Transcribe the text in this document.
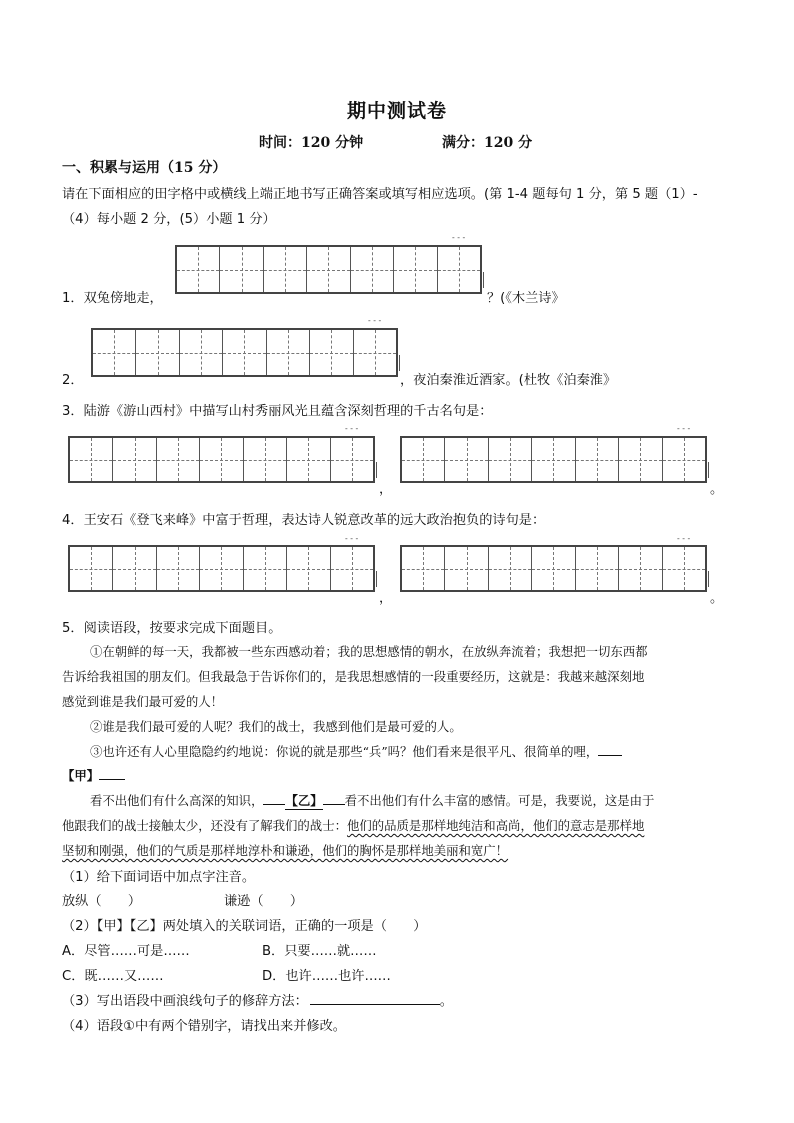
期中测试卷
时间：120 分钟	满分：120 分
一、积累与运用（15 分）
请在下面相应的田字格中或横线上端正地书写正确答案或填写相应选项。(第 1-4 题每句 1 分，第 5 题（1）-
（4）每小题 2 分，(5）小题 1 分）
- - -
1．双兔傍地走，	？(《木兰诗》
- - -
2．	，夜泊秦淮近酒家。(杜牧《泊秦淮》
3．陆游《游山西村》中描写山村秀丽风光且蕴含深刻哲理的千古名句是：
- - -
，
- - -
。
4．王安石《登飞来峰》中富于哲理，表达诗人锐意改革的远大政治抱负的诗句是：
- - -
，
- - -
。
5．阅读语段，按要求完成下面题目。
①在朝鲜的每一天，我都被一些东西感动着；我的思想感情的朝水，在放纵奔流着；我想把一切东西都
告诉给我祖国的朋友们。但我最急于告诉你们的，是我思想感情的一段重要经历，这就是：我越来越深刻地
感觉到谁是我们最可爱的人！
②谁是我们最可爱的人呢？我们的战士，我感到他们是最可爱的人。
③也许还有人心里隐隐约约地说：你说的就是那些“兵”吗？他们看来是很平凡、很简单的哩，
【甲】
看不出他们有什么高深的知识， 【乙】 看不出他们有什么丰富的感情。可是，我要说，这是由于
他跟我们的战士接触太少，还没有了解我们的战士：他们的品质是那样地纯洁和高尚，他们的意志是那样地
坚韧和刚强，他们的气质是那样地淳朴和谦逊，他们的胸怀是那样地美丽和宽广！
（1）给下面词语中加点字注音。
放纵（　　）	谦逊（　　）
（2）【甲】【乙】两处填入的关联词语，正确的一项是（　　）
A．尽管……可是……	B．只要……就……
C．既……又……	D．也许……也许……
（3）写出语段中画浪线句子的修辞方法：	。
（4）语段①中有两个错别字，请找出来并修改。
